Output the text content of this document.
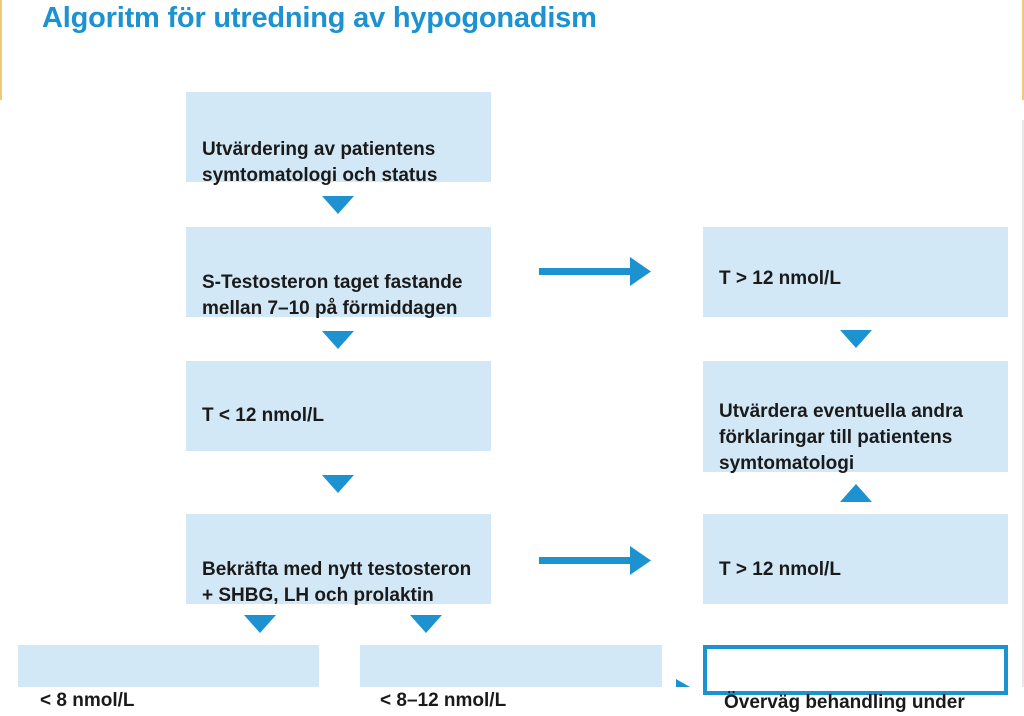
Algoritm för utredning av hypogonadism

Utvärdering av patientens
symtomatologi och status

S-Testosteron taget fastande
mellan 7–10 på förmiddagen

T > 12 nmol/L

T < 12 nmol/L	Utvärdera eventuella andra
förklaringar till patientens
symtomatologi

Bekräfta med nytt testosteron
+ SHBG, LH och prolaktin

T > 12 nmol/L

< 8 nmol/L	< 8–12 nmol/L	Överväg behandling under
